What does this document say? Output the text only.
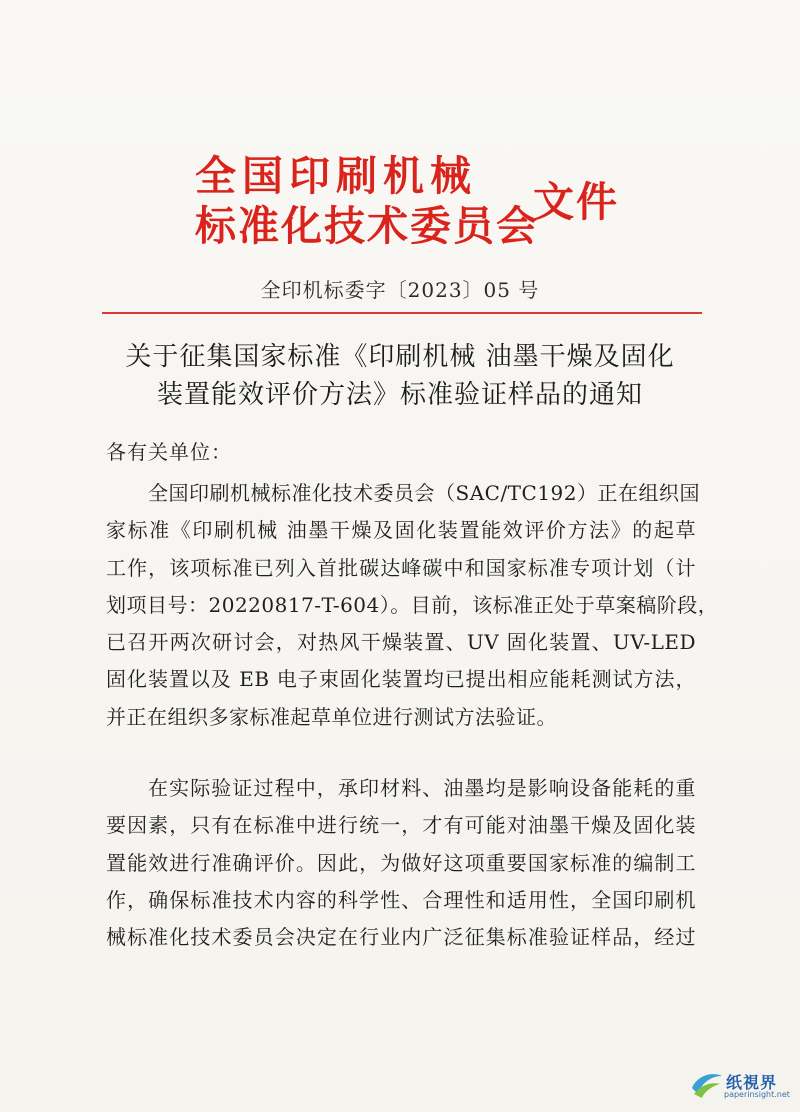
全国印刷机械
标准化技术委员会
文件
全印机标委字〔2023〕05 号
关于征集国家标准《印刷机械 油墨干燥及固化
装置能效评价方法》标准验证样品的通知
各有关单位：
全国印刷机械标准化技术委员会（SAC/TC192）正在组织国
家标准《印刷机械 油墨干燥及固化装置能效评价方法》的起草
工作，该项标准已列入首批碳达峰碳中和国家标准专项计划（计
划项目号：20220817-T-604）。目前，该标准正处于草案稿阶段，
已召开两次研讨会，对热风干燥装置、UV 固化装置、UV-LED
固化装置以及 EB 电子束固化装置均已提出相应能耗测试方法，
并正在组织多家标准起草单位进行测试方法验证。
在实际验证过程中，承印材料、油墨均是影响设备能耗的重
要因素，只有在标准中进行统一，才有可能对油墨干燥及固化装
置能效进行准确评价。因此，为做好这项重要国家标准的编制工
作，确保标准技术内容的科学性、合理性和适用性，全国印刷机
械标准化技术委员会决定在行业内广泛征集标准验证样品，经过
纸視界
paperinsight.net
